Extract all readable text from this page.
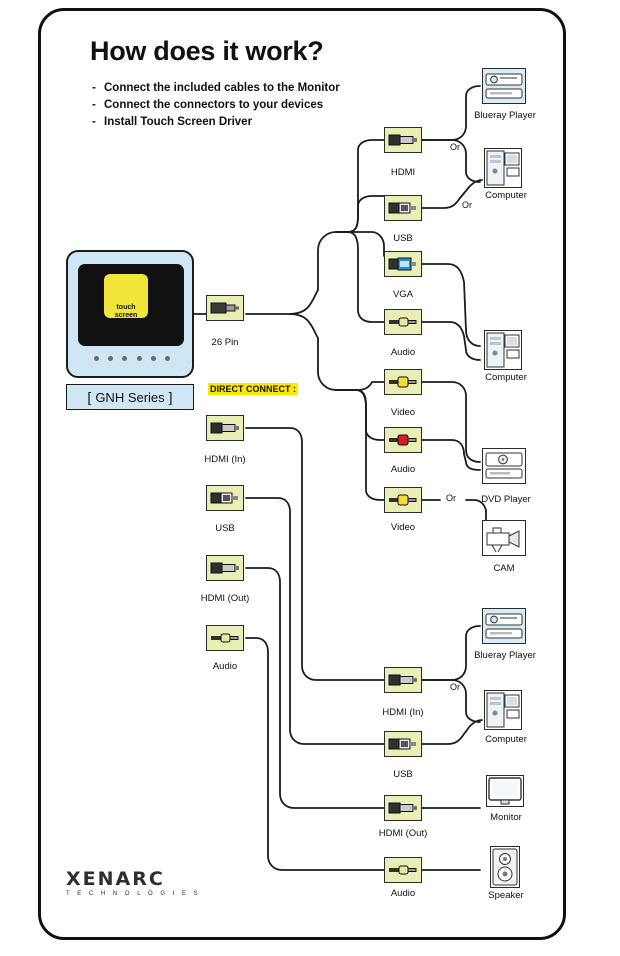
How does it work?
- Connect the included cables to the Monitor
- Connect the connectors to your devices
- Install Touch Screen Driver
touch
screen
[ GNH Series ]	DIRECT CONNECT :
26 Pin
HDMI
USB
VGA
Audio
Video
Audio
Video
HDMI (In)
USB
HDMI (Out)
Audio
HDMI (In)
USB
HDMI (Out)
Audio
Or
Or
Or
Or
Blueray Player
Computer
Computer
DVD Player
CAM
Blueray Player
Computer
Monitor
Speaker
XENARC
T E C H N O L O G I E S
